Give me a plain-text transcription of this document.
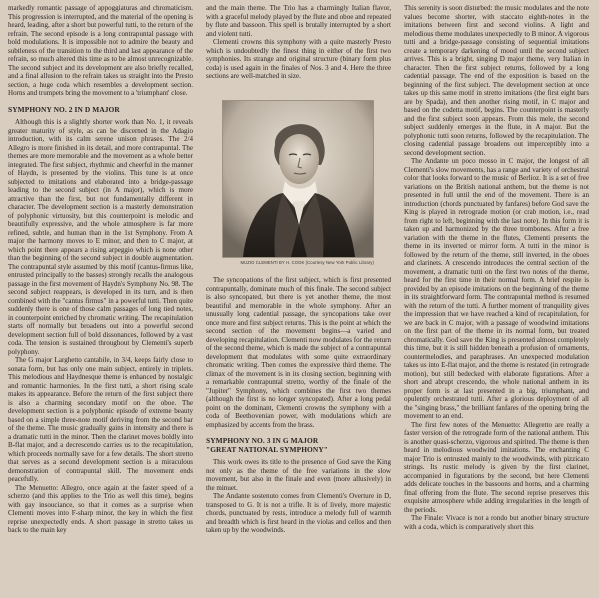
markedly romantic passage of appoggiaturas and chromaticism. This progression is interrupted, and the material of the opening is heard, leading, after a short but powerful tutti, to the return of the refrain. The second episode is a long contrapuntal passage with bold modulations. It is impossible not to admire the beauty and subtleness of the transition to the third and last appearance of the refrain, so much altered this time as to be almost unrecognizable. The second subject and its development are also briefly recalled, and a final allusion to the refrain takes us straight into the Presto section, a huge coda which resembles a development section. Horns and trumpets bring the movement to a 'triumphant' close.

SYMPHONY NO. 2 IN D MAJOR

Although this is a slightly shorter work than No. 1, it reveals greater maturity of style, as can be discerned in the Adagio introduction, with its calm serene unison phrases. The 2/4 Allegro is more finished in its detail, and more contrapuntal. The themes are more memorable and the movement as a whole better integrated. The first subject, rhythmic and cheerful in the manner of Haydn, is presented by the violins. This tune is at once subjected to imitations and elaborated into a bridge-passage leading to the second subject (in A major), which is more attractive than the first, but not fundamentally different in character. The development section is a masterly demonstration of polyphonic virtuosity, but this counterpoint is melodic and beautifully expressive, and the whole atmosphere is far more refined, subtle, and human than in the 1st Symphony. From A major the harmony moves to E minor, and then to C major, at which point there appears a rising arpeggio which is none other than the beginning of the second subject in double augmentation. The contrapuntal style assumed by this motif (cantus-firmus like, entrusted principally to the basses) strongly recalls the analogous passage in the first movement of Haydn's Symphony No. 98. The second subject reappears, is developed in its turn, and is then combined with the "cantus firmus" in a powerful tutti. Then quite suddenly there is one of those calm passages of long tied notes, in counterpoint enriched by chromatic writing. The recapitulation starts off normally but broadens out into a powerful second development section full of bold dissonances, followed by a vast coda. The tension is sustained throughout by Clementi's superb polyphony.

The G major Larghetto cantabile, in 3/4, keeps fairly close to sonata form, but has only one main subject, entirely in triplets. This melodious and Haydnesque theme is enhanced by nostalgic and romantic harmonies. In the first tutti, a short rising scale makes its appearance. Before the return of the first subject there is also a charming secondary motif on the oboe. The development section is a polyphonic episode of extreme beauty based on a simple three-note motif deriving from the second bar of the theme. The music gradually gains in intensity and there is a dramatic tutti in the minor. Then the clarinet moves boldly into B-flat major, and a decrescendo carries us to the recapitulation, which proceeds normally save for a few details. The short stretto that serves as a second development section is a miraculous demonstration of contrapuntal skill. The movement ends peacefully.

The Menuetto: Allegro, once again at the faster speed of a scherzo (and this applies to the Trio as well this time), begins with gay insouciance, so that it comes as a surprise when Clementi moves into F-sharp minor, the key in which the first reprise unexpectedly ends. A short passage in stretto takes us back to the main key

and the main theme. The Trio has a charmingly Italian flavor, with a graceful melody played by the flute and oboe and repeated by flute and bassoon. This spell is brutally interrupted by a short and violent tutti.

Clementi crowns this symphony with a quite masterly Presto which is undoubtedly the finest thing in either of the first two symphonies. Its strange and original structure (binary form plus coda) is used again in the finales of Nos. 3 and 4. Here the three sections are well-matched in size.

MUZIO CLEMENTI BY H. COOK (Courtesy New York Public Library)

The syncopations of the first subject, which is first presented contrapuntally, dominate much of this finale. The second subject is also syncopated, but there is yet another theme, the most beautiful and memorable in the whole symphony. After an unusually long cadential passage, the syncopations take over once more and first subject returns. This is the point at which the second section of the movement begins—a varied and developing recapitulation. Clementi now modulates for the return of the second theme, which is made the subject of a contrapuntal development that modulates with some quite extraordinary chromatic writing. Then comes the expressive third theme. The climax of the movement is in its closing section, beginning with a remarkable contrapuntal stretto, worthy of the finale of the "Jupiter" Symphony, which combines the first two themes (although the first is no longer syncopated). After a long pedal point on the dominant, Clementi crowns the symphony with a coda of Beethovenian power, with modulations which are emphasized by accents from the brass.

SYMPHONY NO. 3 IN G MAJOR
"GREAT NATIONAL SYMPHONY"

This work owes its title to the presence of God save the King not only as the theme of the free variations in the slow movement, but also in the finale and even (more allusively) in the minuet.

The Andante sostenuto comes from Clementi's Overture in D, transposed to G. It is not a trifle. It is of lively, more majestic chords, punctuated by rests, introduce a melody full of warmth and breadth which is first heard in the violas and cellos and then taken up by the woodwinds.

This serenity is soon disturbed: the music modulates and the note values become shorter, with staccato eighth-notes in the imitations between first and second violins. A light and melodious theme modulates unexpectedly to B minor. A vigorous tutti and a bridge-passage consisting of sequential imitations create a temporary darkening of mood until the second subject arrives. This is a bright, singing D major theme, very Italian in character. Then the first subject returns, followed by a long cadential passage. The end of the exposition is based on the beginning of the first subject. The development section at once takes up this same motif in stretto imitations (the first eight bars are by Spada), and then another rising motif, in C major and based on the codetta motif, begins. The counterpoint is masterly and the first subject soon appears. From this mele, the second subject suddenly emerges in the flute, in A major. But the polyphonic tutti soon returns, followed by the recapitulation. The closing cadential passage broadens out imperceptibly into a second development section.

The Andante un poco mosso in C major, the longest of all Clementi's slow movements, has a range and variety of orchestral color that looks forward to the music of Berlioz. It is a set of free variations on the British national anthem, but the theme is not presented in full until the end of the movement. There is an introduction (chords punctuated by fanfares) before God save the King is played in retrograde motion (or crab motion, i.e., read from right to left, beginning with the last note). In this form it is taken up and harmonized by the three trombones. After a free variation with the theme in the flutes, Clementi presents the theme in its inverted or mirror form. A tutti in the minor is followed by the return of the theme, still inverted, in the oboes and clarinets. A crescendo introduces the central section of the movement, a dramatic tutti on the first two notes of the theme, heard for the first time in their normal form. A brief respite is provided by an episode imitations on the beginning of the theme in its straightforward form. The contrapuntal method is resumed with the return of the tutti. A further moment of tranquility gives the impression that we have reached a kind of recapitulation, for we are back in C major, with a passage of woodwind imitations on the first part of the theme in its normal form, but treated chromatically. God save the King is presented almost completely this time, but it is still hidden beneath a profusion of ornaments, countermelodies, and paraphrases. An unexpected modulation takes us into E-flat major, and the theme is restated (in retrograde motion), but still bedecked with elaborate figurations. After a short and abrupt crescendo, the whole national anthem in its proper form is at last presented in a big, triumphant, and opulently orchestrated tutti. After a glorious deployment of all the "singing brass," the brilliant fanfares of the opening bring the movement to an end.

The first few notes of the Menuetto: Allegretto are really a faster version of the retrograde form of the national anthem. This is another quasi-scherzo, vigorous and spirited. The theme is then heard in melodious woodwind imitations. The enchanting C major Trio is entrusted mainly to the woodwinds, with pizzicato strings. Its rustic melody is given by the first clarinet, accompanied in figurations by the second, but here Clementi adds delicate touches in the bassoons and horns, and a charming final offering from the flute. The second reprise preserves this exquisite atmosphere while adding irregularities in the length of the periods.

The Finale: Vivace is not a rondo but another binary structure with a coda, which is comparatively short this
